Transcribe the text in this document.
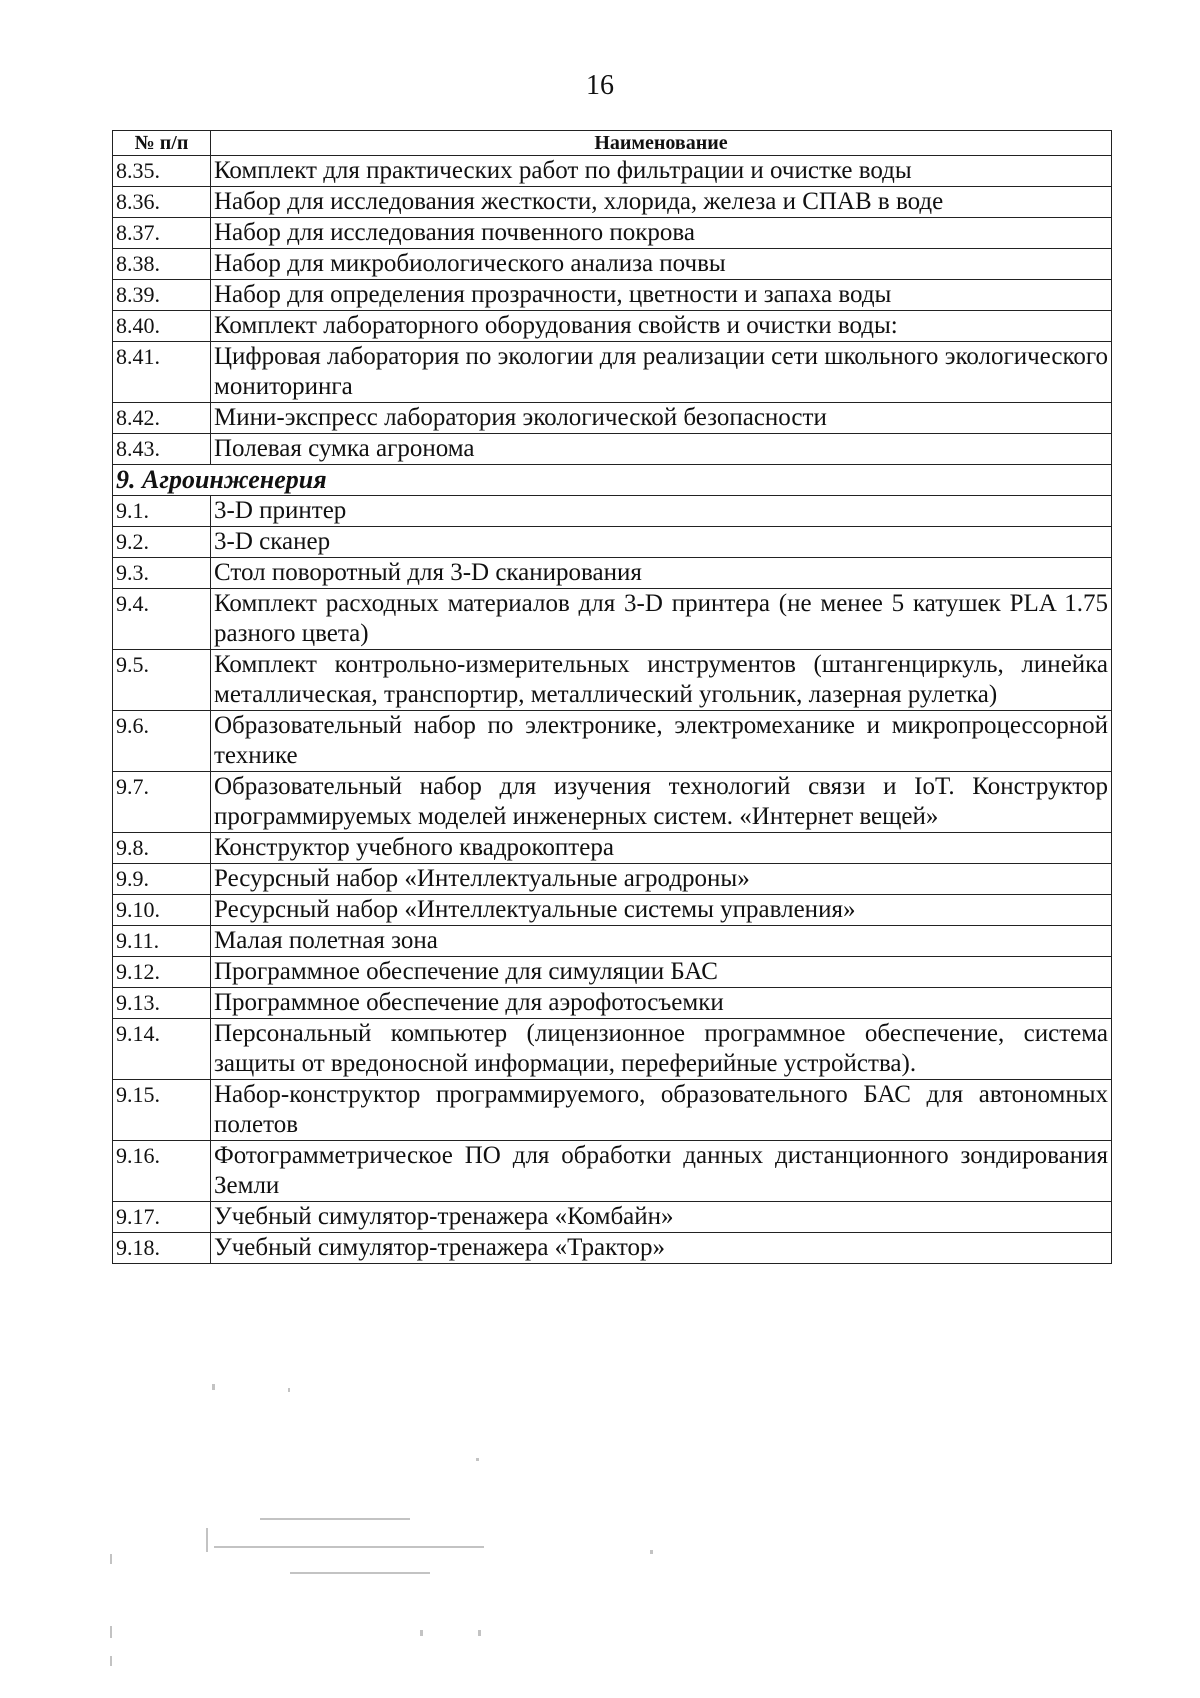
16
№ п/п	Наименование
8.35.	Комплект для практических работ по фильтрации и очистке воды
8.36.	Набор для исследования жесткости, хлорида, железа и СПАВ в воде
8.37.	Набор для исследования почвенного покрова
8.38.	Набор для микробиологического анализа почвы
8.39.	Набор для определения прозрачности, цветности и запаха воды
8.40.	Комплект лабораторного оборудования свойств и очистки воды:
8.41.	Цифровая лаборатория по экологии для реализации сети школьного экологического мониторинга
8.42.	Мини-экспресс лаборатория экологической безопасности
8.43.	Полевая сумка агронома
9. Агроинженерия	
9.1.	3-D принтер
9.2.	3-D сканер
9.3.	Стол поворотный для 3-D сканирования
9.4.	Комплект расходных материалов для 3-D принтера (не менее 5 катушек PLA 1.75 разного цвета)
9.5.	Комплект контрольно-измерительных инструментов (штангенциркуль, линейка металлическая, транспортир, металлический угольник, лазерная рулетка)
9.6.	Образовательный набор по электронике, электромеханике и микропроцессорной технике
9.7.	Образовательный набор для изучения технологий связи и IoT. Конструктор программируемых моделей инженерных систем. «Интернет вещей»
9.8.	Конструктор учебного квадрокоптера
9.9.	Ресурсный набор «Интеллектуальные агродроны»
9.10.	Ресурсный набор «Интеллектуальные системы управления»
9.11.	Малая полетная зона
9.12.	Программное обеспечение для симуляции БАС
9.13.	Программное обеспечение для аэрофотосъемки
9.14.	Персональный компьютер (лицензионное программное обеспечение, система защиты от вредоносной информации, переферийные устройства).
9.15.	Набор-конструктор программируемого, образовательного БАС для автономных полетов
9.16.	Фотограмметрическое ПО для обработки данных дистанционного зондирования Земли
9.17.	Учебный симулятор-тренажера «Комбайн»
9.18.	Учебный симулятор-тренажера «Трактор»
